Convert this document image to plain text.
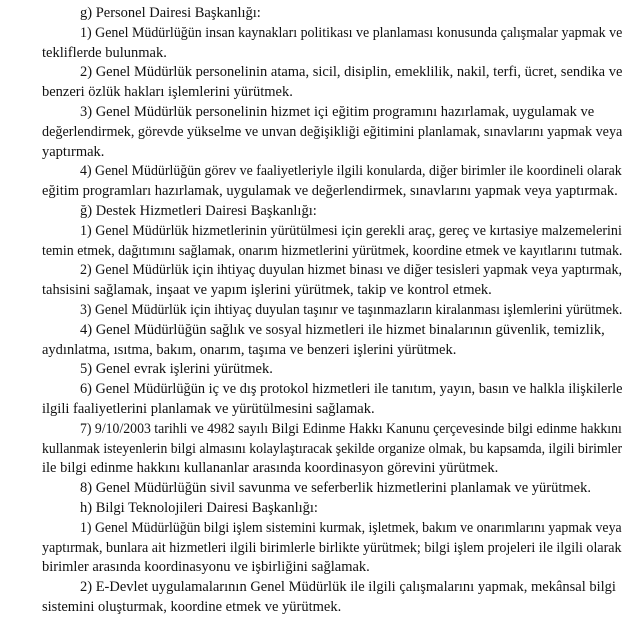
g) Personel Dairesi Başkanlığı:
1) Genel Müdürlüğün insan kaynakları politikası ve planlaması konusunda çalışmalar yapmak ve
tekliflerde bulunmak.
2) Genel Müdürlük personelinin atama, sicil, disiplin, emeklilik, nakil, terfi, ücret, sendika ve
benzeri özlük hakları işlemlerini yürütmek.
3) Genel Müdürlük personelinin hizmet içi eğitim programını hazırlamak, uygulamak ve
değerlendirmek, görevde yükselme ve unvan değişikliği eğitimini planlamak, sınavlarını yapmak veya
yaptırmak.
4) Genel Müdürlüğün görev ve faaliyetleriyle ilgili konularda, diğer birimler ile koordineli olarak
eğitim programları hazırlamak, uygulamak ve değerlendirmek, sınavlarını yapmak veya yaptırmak.
ğ) Destek Hizmetleri Dairesi Başkanlığı:
1) Genel Müdürlük hizmetlerinin yürütülmesi için gerekli araç, gereç ve kırtasiye malzemelerini
temin etmek, dağıtımını sağlamak, onarım hizmetlerini yürütmek, koordine etmek ve kayıtlarını tutmak.
2) Genel Müdürlük için ihtiyaç duyulan hizmet binası ve diğer tesisleri yapmak veya yaptırmak,
tahsisini sağlamak, inşaat ve yapım işlerini yürütmek, takip ve kontrol etmek.
3) Genel Müdürlük için ihtiyaç duyulan taşınır ve taşınmazların kiralanması işlemlerini yürütmek.
4) Genel Müdürlüğün sağlık ve sosyal hizmetleri ile hizmet binalarının güvenlik, temizlik,
aydınlatma, ısıtma, bakım, onarım, taşıma ve benzeri işlerini yürütmek.
5) Genel evrak işlerini yürütmek.
6) Genel Müdürlüğün iç ve dış protokol hizmetleri ile tanıtım, yayın, basın ve halkla ilişkilerle
ilgili faaliyetlerini planlamak ve yürütülmesini sağlamak.
7) 9/10/2003 tarihli ve 4982 sayılı Bilgi Edinme Hakkı Kanunu çerçevesinde bilgi edinme hakkını
kullanmak isteyenlerin bilgi almasını kolaylaştıracak şekilde organize olmak, bu kapsamda, ilgili birimler
ile bilgi edinme hakkını kullananlar arasında koordinasyon görevini yürütmek.
8) Genel Müdürlüğün sivil savunma ve seferberlik hizmetlerini planlamak ve yürütmek.
h) Bilgi Teknolojileri Dairesi Başkanlığı:
1) Genel Müdürlüğün bilgi işlem sistemini kurmak, işletmek, bakım ve onarımlarını yapmak veya
yaptırmak, bunlara ait hizmetleri ilgili birimlerle birlikte yürütmek; bilgi işlem projeleri ile ilgili olarak
birimler arasında koordinasyonu ve işbirliğini sağlamak.
2) E-Devlet uygulamalarının Genel Müdürlük ile ilgili çalışmalarını yapmak, mekânsal bilgi
sistemini oluşturmak, koordine etmek ve yürütmek.
